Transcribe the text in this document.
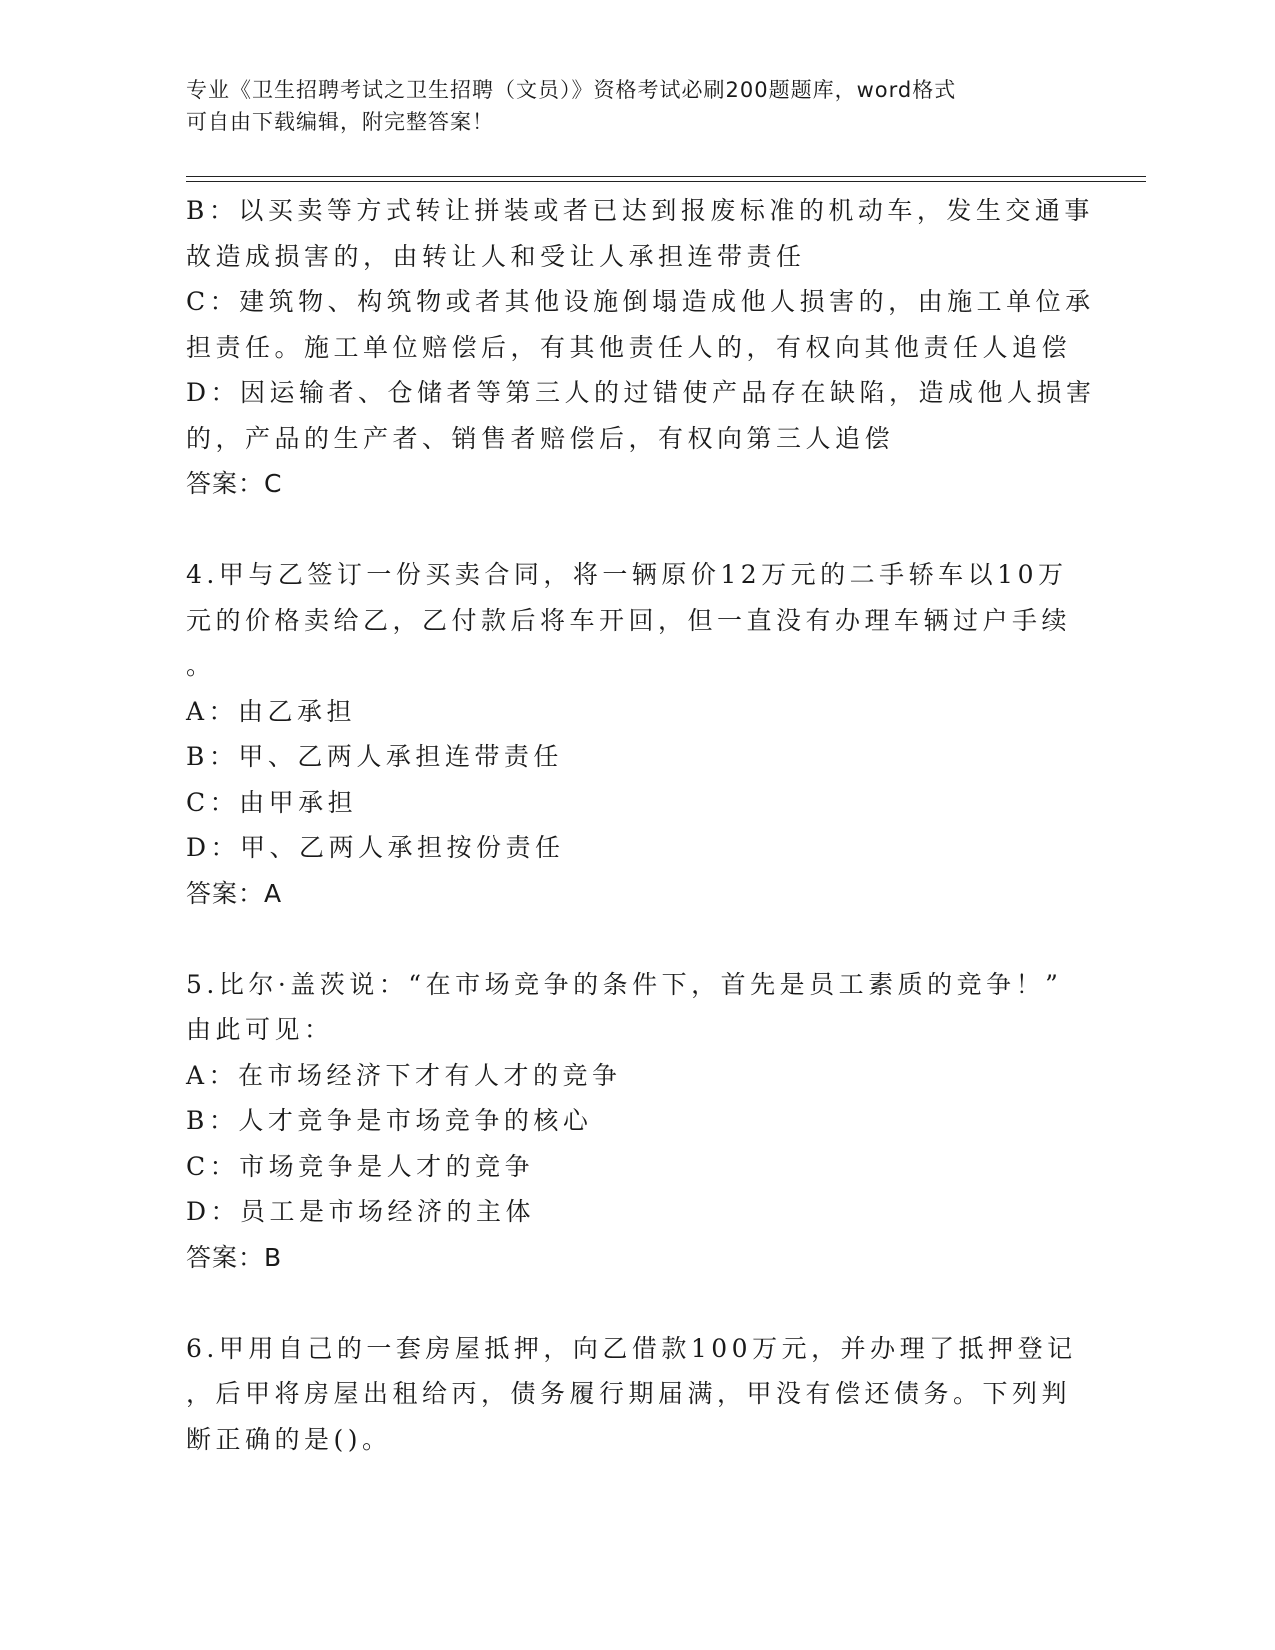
专业《卫生招聘考试之卫生招聘（文员）》资格考试必刷200题题库，word格式
可自由下载编辑，附完整答案！
B：以买卖等方式转让拼装或者已达到报废标准的机动车，发生交通事
故造成损害的，由转让人和受让人承担连带责任
C：建筑物、构筑物或者其他设施倒塌造成他人损害的，由施工单位承
担责任。施工单位赔偿后，有其他责任人的，有权向其他责任人追偿
D：因运输者、仓储者等第三人的过错使产品存在缺陷，造成他人损害
的，产品的生产者、销售者赔偿后，有权向第三人追偿
答案：C
4.甲与乙签订一份买卖合同，将一辆原价12万元的二手轿车以10万
元的价格卖给乙，乙付款后将车开回，但一直没有办理车辆过户手续
。
A：由乙承担
B：甲、乙两人承担连带责任
C：由甲承担
D：甲、乙两人承担按份责任
答案：A
5.比尔·盖茨说：“在市场竞争的条件下，首先是员工素质的竞争！”
由此可见：
A：在市场经济下才有人才的竞争
B：人才竞争是市场竞争的核心
C：市场竞争是人才的竞争
D：员工是市场经济的主体
答案：B
6.甲用自己的一套房屋抵押，向乙借款100万元，并办理了抵押登记
，后甲将房屋出租给丙，债务履行期届满，甲没有偿还债务。下列判
断正确的是()。
